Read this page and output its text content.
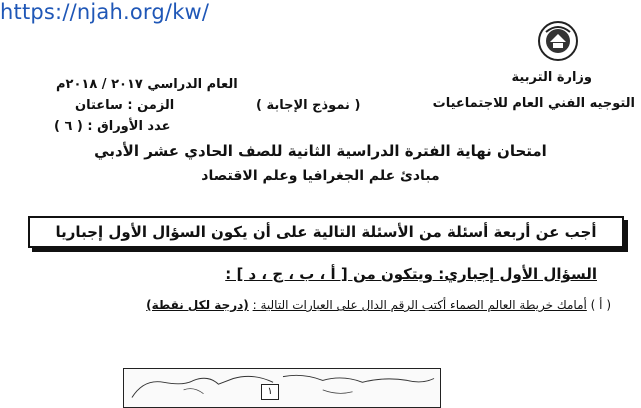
https://njah.org/kw/
وزارة التربية
التوجيه الفني العام للاجتماعيات
العام الدراسي ٢٠١٧ / ٢٠١٨م
الزمن : ساعتان
عدد الأوراق : ( ٦ )
( نموذج الإجابة )
امتحان نهاية الفترة الدراسية الثانية للصف الحادي عشر الأدبي
مبادئ علم الجغرافيا وعلم الاقتصاد
أجب عن أربعة أسئلة من الأسئلة التالية على أن يكون السؤال الأول إجباريا
السؤال الأول إجباري: ويتكون من [ أ ، ب ، ج ، د ] :
( أ ) أمامك خريطة العالم الصماء أكتب الرقم الدال على العبارات التالية : (درجة لكل نقطة)
١
